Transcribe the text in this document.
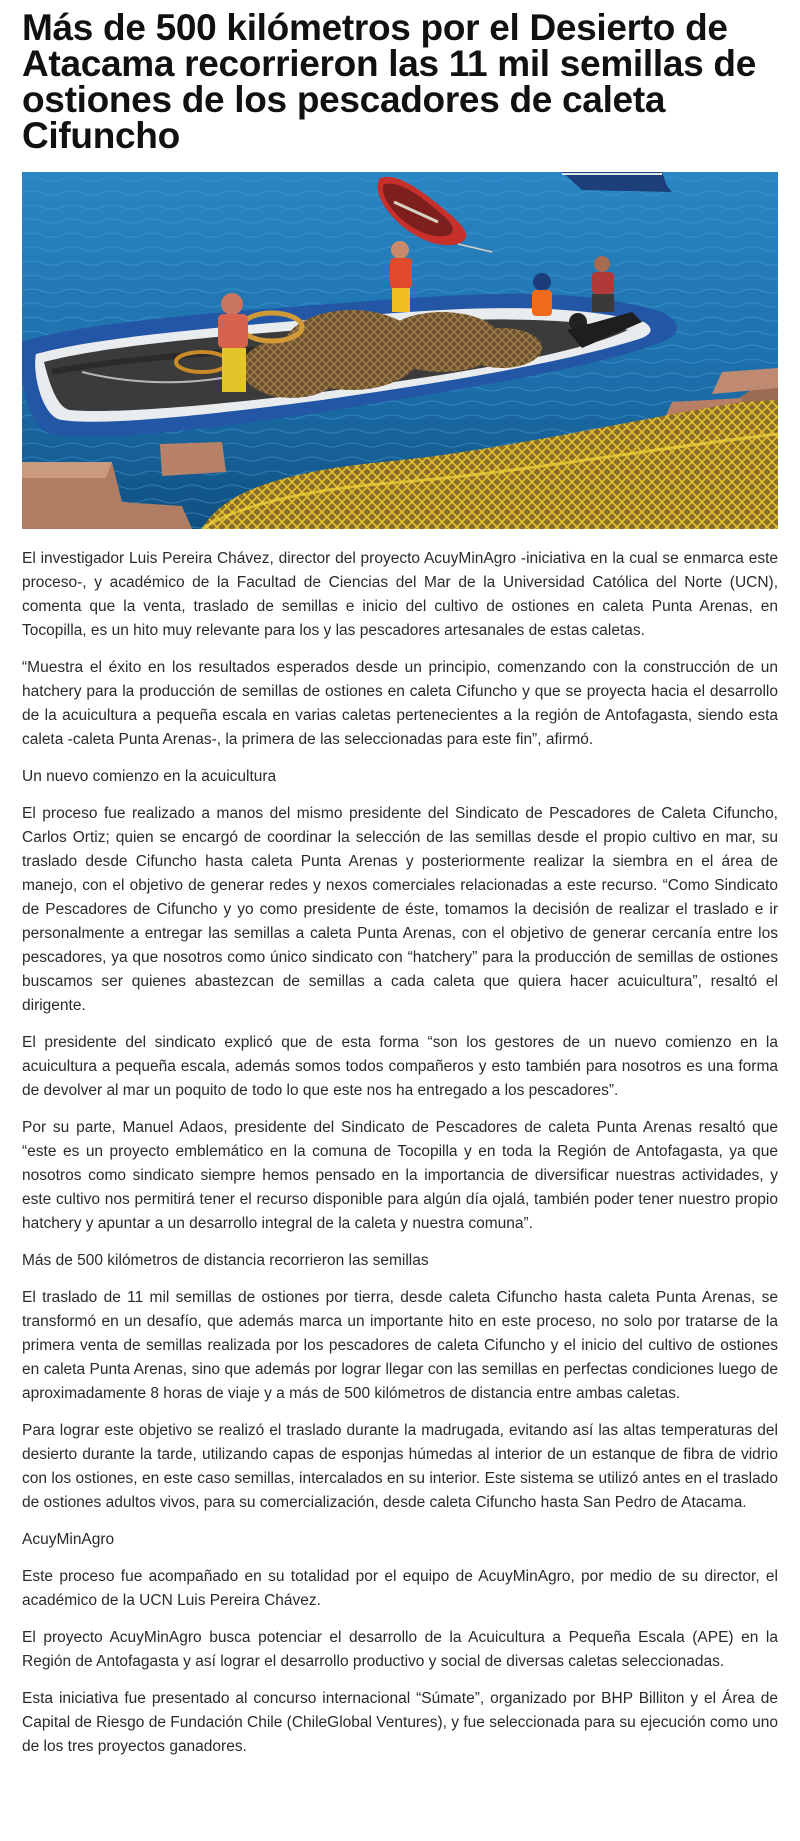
Más de 500 kilómetros por el Desierto de Atacama recorrieron las 11 mil semillas de ostiones de los pescadores de caleta Cifuncho

El investigador Luis Pereira Chávez, director del proyecto AcuyMinAgro -iniciativa en la cual se enmarca este proceso-, y académico de la Facultad de Ciencias del Mar de la Universidad Católica del Norte (UCN), comenta que la venta, traslado de semillas e inicio del cultivo de ostiones en caleta Punta Arenas, en Tocopilla, es un hito muy relevante para los y las pescadores artesanales de estas caletas.

“Muestra el éxito en los resultados esperados desde un principio, comenzando con la construcción de un hatchery para la producción de semillas de ostiones en caleta Cifuncho y que se proyecta hacia el desarrollo de la acuicultura a pequeña escala en varias caletas pertenecientes a la región de Antofagasta, siendo esta caleta -caleta Punta Arenas-, la primera de las seleccionadas para este fin”, afirmó.

Un nuevo comienzo en la acuicultura

El proceso fue realizado a manos del mismo presidente del Sindicato de Pescadores de Caleta Cifuncho, Carlos Ortiz; quien se encargó de coordinar la selección de las semillas desde el propio cultivo en mar, su traslado desde Cifuncho hasta caleta Punta Arenas y posteriormente realizar la siembra en el área de manejo, con el objetivo de generar redes y nexos comerciales relacionadas a este recurso. “Como Sindicato de Pescadores de Cifuncho y yo como presidente de éste, tomamos la decisión de realizar el traslado e ir personalmente a entregar las semillas a caleta Punta Arenas, con el objetivo de generar cercanía entre los pescadores, ya que nosotros como único sindicato con “hatchery” para la producción de semillas de ostiones buscamos ser quienes abastezcan de semillas a cada caleta que quiera hacer acuicultura”, resaltó el dirigente.

El presidente del sindicato explicó que de esta forma “son los gestores de un nuevo comienzo en la acuicultura a pequeña escala, además somos todos compañeros y esto también para nosotros es una forma de devolver al mar un poquito de todo lo que este nos ha entregado a los pescadores”.

Por su parte, Manuel Adaos, presidente del Sindicato de Pescadores de caleta Punta Arenas resaltó que “este es un proyecto emblemático en la comuna de Tocopilla y en toda la Región de Antofagasta, ya que nosotros como sindicato siempre hemos pensado en la importancia de diversificar nuestras actividades, y este cultivo nos permitirá tener el recurso disponible para algún día ojalá, también poder tener nuestro propio hatchery y apuntar a un desarrollo integral de la caleta y nuestra comuna”.

Más de 500 kilómetros de distancia recorrieron las semillas

El traslado de 11 mil semillas de ostiones por tierra, desde caleta Cifuncho hasta caleta Punta Arenas, se transformó en un desafío, que además marca un importante hito en este proceso, no solo por tratarse de la primera venta de semillas realizada por los pescadores de caleta Cifuncho y el inicio del cultivo de ostiones en caleta Punta Arenas, sino que además por lograr llegar con las semillas en perfectas condiciones luego de aproximadamente 8 horas de viaje y a más de 500 kilómetros de distancia entre ambas caletas.

Para lograr este objetivo se realizó el traslado durante la madrugada, evitando así las altas temperaturas del desierto durante la tarde, utilizando capas de esponjas húmedas al interior de un estanque de fibra de vidrio con los ostiones, en este caso semillas, intercalados en su interior. Este sistema se utilizó antes en el traslado de ostiones adultos vivos, para su comercialización, desde caleta Cifuncho hasta San Pedro de Atacama.

AcuyMinAgro

Este proceso fue acompañado en su totalidad por el equipo de AcuyMinAgro, por medio de su director, el académico de la UCN Luis Pereira Chávez.

El proyecto AcuyMinAgro busca potenciar el desarrollo de la Acuicultura a Pequeña Escala (APE) en la Región de Antofagasta y así lograr el desarrollo productivo y social de diversas caletas seleccionadas.

Esta iniciativa fue presentado al concurso internacional “Súmate”, organizado por BHP Billiton y el Área de Capital de Riesgo de Fundación Chile (ChileGlobal Ventures), y fue seleccionada para su ejecución como uno de los tres proyectos ganadores.
